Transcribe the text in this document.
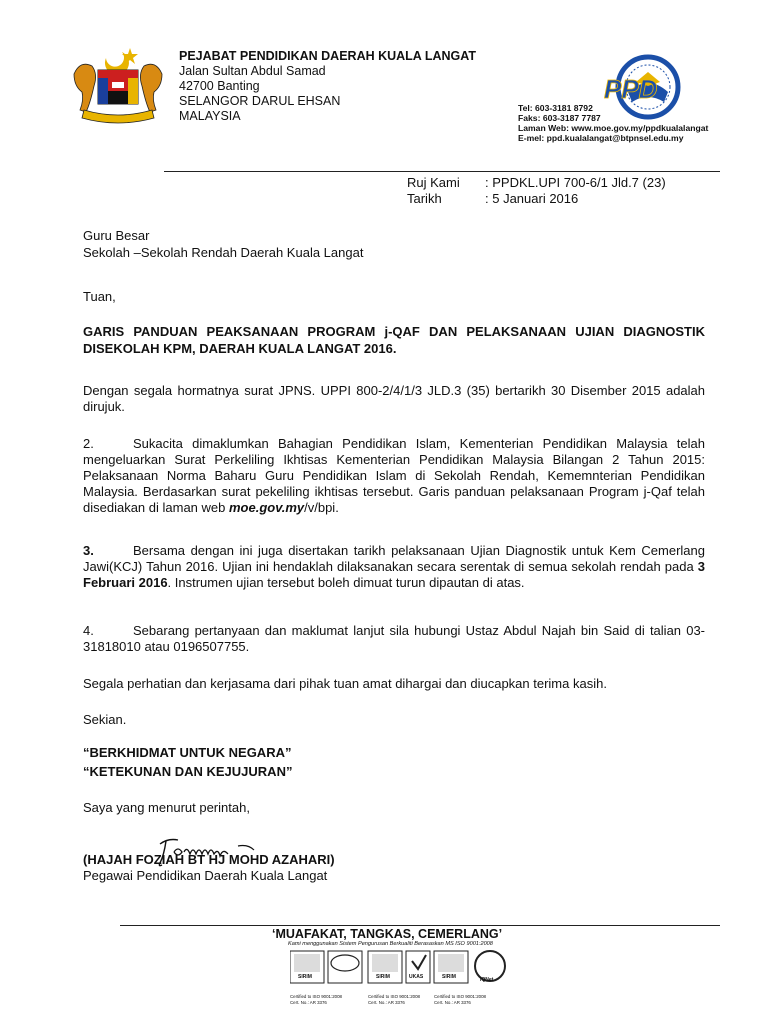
PEJABAT PENDIDIKAN DAERAH KUALA LANGAT
Jalan Sultan Abdul Samad
42700 Banting
SELANGOR DARUL EHSAN
MALAYSIA
PPD
Tel: 603-3181 8792
Faks: 603-3187 7787
Laman Web: www.moe.gov.my/ppdkualalangat
E-mel: ppd.kualalangat@btpnsel.edu.my
Ruj Kami : PPDKL.UPI 700-6/1 Jld.7 (23)
Tarikh	: 5 Januari 2016
Guru Besar
Sekolah –Sekolah Rendah Daerah Kuala Langat
Tuan,
GARIS PANDUAN PEAKSANAAN PROGRAM j-QAF DAN PELAKSANAAN UJIAN DIAGNOSTIK DISEKOLAH KPM, DAERAH KUALA LANGAT 2016.
Dengan segala hormatnya surat JPNS. UPPI 800-2/4/1/3 JLD.3 (35) bertarikh 30 Disember 2015 adalah dirujuk.
2.	Sukacita dimaklumkan Bahagian Pendidikan Islam, Kementerian Pendidikan Malaysia telah mengeluarkan Surat Perkeliling Ikhtisas Kementerian Pendidikan Malaysia Bilangan 2 Tahun 2015: Pelaksanaan Norma Baharu Guru Pendidikan Islam di Sekolah Rendah, Kememnterian Pendidikan Malaysia. Berdasarkan surat pekeliling ikhtisas tersebut. Garis panduan pelaksanaan Program j-Qaf telah disediakan di laman web moe.gov.my/v/bpi.
3.	Bersama dengan ini juga disertakan tarikh pelaksanaan Ujian Diagnostik untuk Kem Cemerlang Jawi(KCJ) Tahun 2016. Ujian ini hendaklah dilaksanakan secara serentak di semua sekolah rendah pada 3 Februari 2016. Instrumen ujian tersebut boleh dimuat turun dipautan di atas.
4.	Sebarang pertanyaan dan maklumat lanjut sila hubungi Ustaz Abdul Najah bin Said di talian 03-31818010 atau 0196507755.
Segala perhatian dan kerjasama dari pihak tuan amat dihargai dan diucapkan terima kasih.
Sekian.
“BERKHIDMAT UNTUK NEGARA”
“KETEKUNAN DAN KEJUJURAN”
Saya yang menurut perintah,
(HAJAH FOZIAH BT HJ MOHD AZAHARI)
Pegawai Pendidikan Daerah Kuala Langat
‘MUAFAKAT, TANGKAS, CEMERLANG’
Kami menggunakan Sistem Pengurusan Berkualiti Berasaskan MS ISO 9001:2008
SIRIM	SIRIM	UKAS	SIRIM	IQNet
Certified to ISO 9001:2008
Cert. No.: AR 3376
Certified to ISO 9001:2008
Cert. No.: AR 3376
Certified to ISO 9001:2008
Cert. No.: AR 3376
